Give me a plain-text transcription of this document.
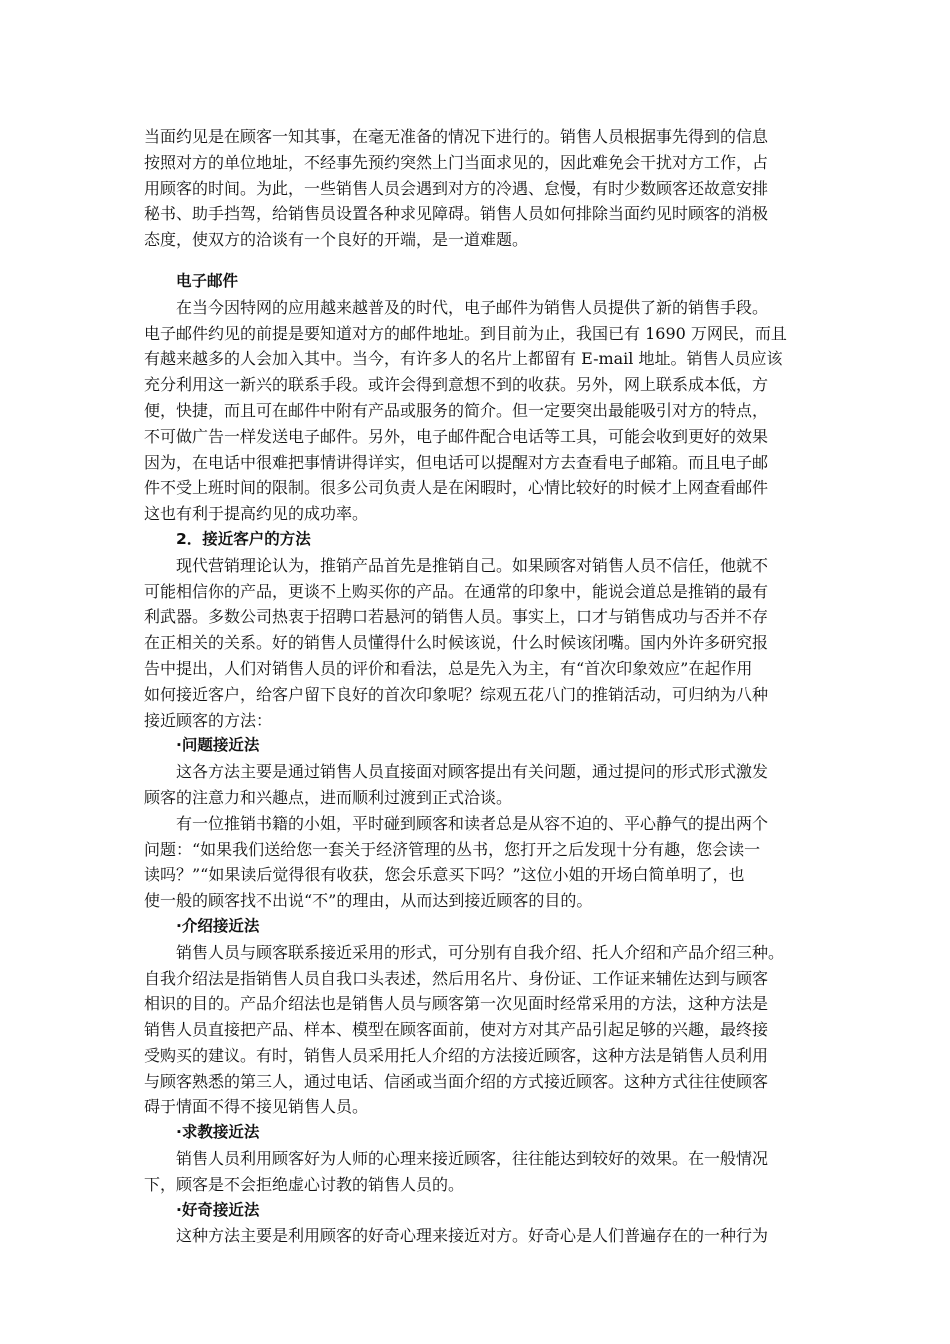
当面约见是在顾客一知其事，在毫无准备的情况下进行的。销售人员根据事先得到的信息
按照对方的单位地址，不经事先预约突然上门当面求见的，因此难免会干扰对方工作，占
用顾客的时间。为此，一些销售人员会遇到对方的冷遇、怠慢，有时少数顾客还故意安排
秘书、助手挡驾，给销售员设置各种求见障碍。销售人员如何排除当面约见时顾客的消极
态度，使双方的洽谈有一个良好的开端，是一道难题。
电子邮件
在当今因特网的应用越来越普及的时代，电子邮件为销售人员提供了新的销售手段。
电子邮件约见的前提是要知道对方的邮件地址。到目前为止，我国已有 1690 万网民，而且
有越来越多的人会加入其中。当今，有许多人的名片上都留有 E-mail 地址。销售人员应该
充分利用这一新兴的联系手段。或许会得到意想不到的收获。另外，网上联系成本低，方
便，快捷，而且可在邮件中附有产品或服务的简介。但一定要突出最能吸引对方的特点，
不可做广告一样发送电子邮件。另外，电子邮件配合电话等工具，可能会收到更好的效果
因为，在电话中很难把事情讲得详实，但电话可以提醒对方去查看电子邮箱。而且电子邮
件不受上班时间的限制。很多公司负责人是在闲暇时，心情比较好的时候才上网查看邮件
这也有利于提高约见的成功率。
2．接近客户的方法
现代营销理论认为，推销产品首先是推销自己。如果顾客对销售人员不信任，他就不
可能相信你的产品，更谈不上购买你的产品。在通常的印象中，能说会道总是推销的最有
利武器。多数公司热衷于招聘口若悬河的销售人员。事实上，口才与销售成功与否并不存
在正相关的关系。好的销售人员懂得什么时候该说，什么时候该闭嘴。国内外许多研究报
告中提出，人们对销售人员的评价和看法，总是先入为主，有“首次印象效应”在起作用
如何接近客户，给客户留下良好的首次印象呢？综观五花八门的推销活动，可归纳为八种
接近顾客的方法：
·问题接近法
这各方法主要是通过销售人员直接面对顾客提出有关问题，通过提问的形式形式激发
顾客的注意力和兴趣点，进而顺利过渡到正式洽谈。
有一位推销书籍的小姐，平时碰到顾客和读者总是从容不迫的、平心静气的提出两个
问题：“如果我们送给您一套关于经济管理的丛书，您打开之后发现十分有趣，您会读一
读吗？”“如果读后觉得很有收获，您会乐意买下吗？”这位小姐的开场白简单明了，也
使一般的顾客找不出说“不”的理由，从而达到接近顾客的目的。
·介绍接近法
销售人员与顾客联系接近采用的形式，可分别有自我介绍、托人介绍和产品介绍三种。
自我介绍法是指销售人员自我口头表述，然后用名片、身份证、工作证来辅佐达到与顾客
相识的目的。产品介绍法也是销售人员与顾客第一次见面时经常采用的方法，这种方法是
销售人员直接把产品、样本、模型在顾客面前，使对方对其产品引起足够的兴趣，最终接
受购买的建议。有时，销售人员采用托人介绍的方法接近顾客，这种方法是销售人员利用
与顾客熟悉的第三人，通过电话、信函或当面介绍的方式接近顾客。这种方式往往使顾客
碍于情面不得不接见销售人员。
·求教接近法
销售人员利用顾客好为人师的心理来接近顾客，往往能达到较好的效果。在一般情况
下，顾客是不会拒绝虚心讨教的销售人员的。
·好奇接近法
这种方法主要是利用顾客的好奇心理来接近对方。好奇心是人们普遍存在的一种行为
